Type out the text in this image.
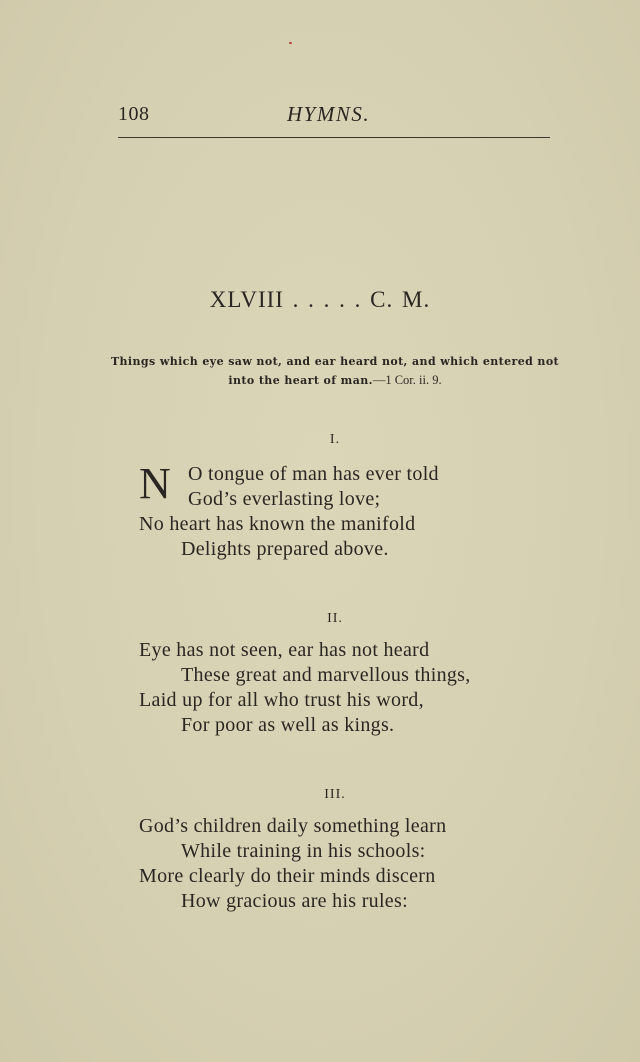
108	HYMNS.
XLVIII . . . . . C. M.
Things which eye saw not, and ear heard not, and which entered not into the heart of man.—1 Cor. ii. 9.
I.
N O tongue of man has ever told
God’s everlasting love;
No heart has known the manifold
Delights prepared above.
II.
Eye has not seen, ear has not heard
These great and marvellous things,
Laid up for all who trust his word,
For poor as well as kings.
III.
God’s children daily something learn
While training in his schools:
More clearly do their minds discern
How gracious are his rules:
